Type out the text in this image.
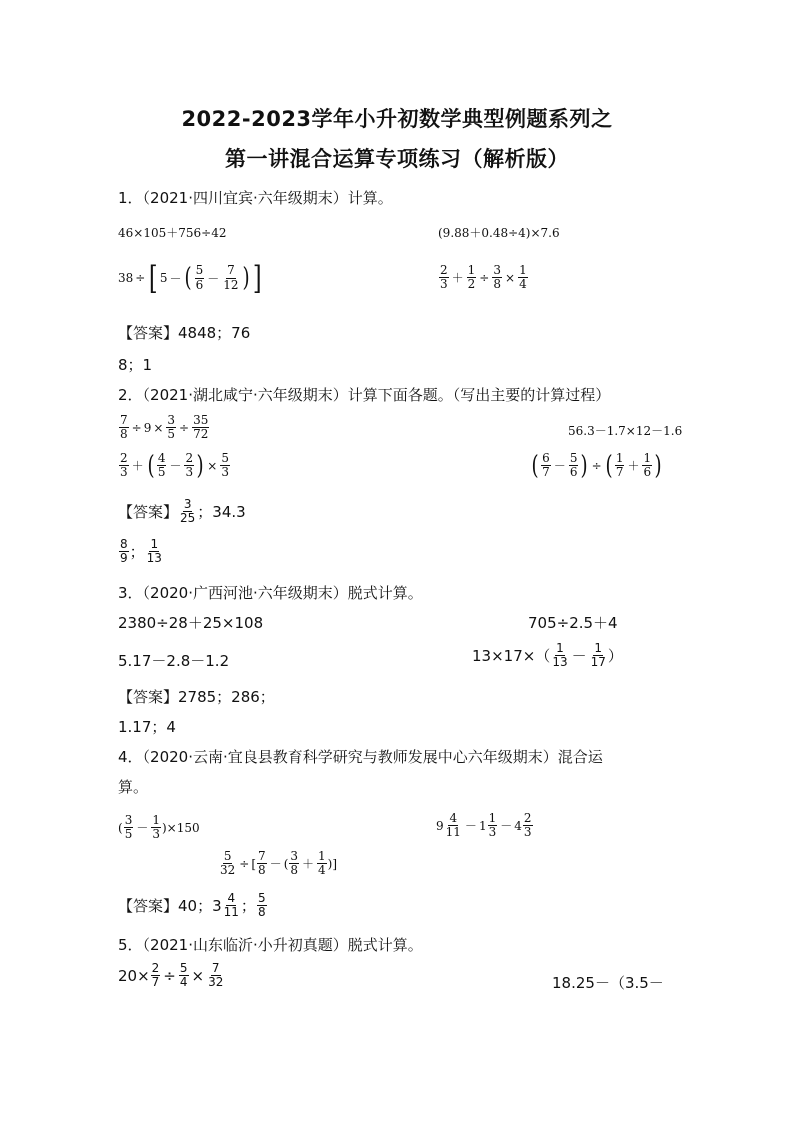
2022-2023学年小升初数学典型例题系列之
第一讲混合运算专项练习（解析版）
1．（2021·四川宜宾·六年级期末）计算。
46×105＋756÷42	(9.88＋0.48÷4)×7.6
38 ÷ [ 5 － ( $\frac{5}{6} - \frac{7}{12}$ ) ]	$\frac{2}{3} + \frac{1}{2} \div \frac{3}{8} \times \frac{1}{4}$
【答案】4848；76
8；1
2．（2021·湖北咸宁·六年级期末）计算下面各题。（写出主要的计算过程）
$\frac{7}{8} \div 9 \times \frac{3}{5} \div \frac{35}{72}$	56.3－1.7×12－1.6
$\frac{2}{3}$ ＋ ( $\frac{4}{5} - \frac{2}{3}$ ) × $\frac{5}{3}$	( $\frac{6}{7} - \frac{5}{6}$ ) ÷ ( $\frac{1}{7} + \frac{1}{6}$ )
【答案】 $\frac{3}{25}$ ；34.3
$\frac{8}{9}$ ； $\frac{1}{13}$
3．（2020·广西河池·六年级期末）脱式计算。
2380÷28＋25×108	705÷2.5＋4
5.17－2.8－1.2	$13\times 17\times( \frac{1}{13} - \frac{1}{17}$ ）
【答案】2785；286；
1.17；4
4．（2020·云南·宜良县教育科学研究与教师发展中心六年级期末）混合运
算。
( $\frac{3}{5} - \frac{1}{3}$ ) ×150	$9 \frac{4}{11} - 1 \frac{1}{3} - 4 \frac{2}{3}$
$\frac{5}{32}$ ÷ [ $\frac{7}{8}$ － ( $\frac{3}{8} + \frac{1}{4}$ ) ]
【答案】40；$3 \frac{4}{11}$ ； $\frac{5}{8}$
5．（2021·山东临沂·小升初真题）脱式计算。
$20\times \frac{2}{7} \div \frac{5}{4} \times \frac{7}{32}$	18.25－（3.5－
